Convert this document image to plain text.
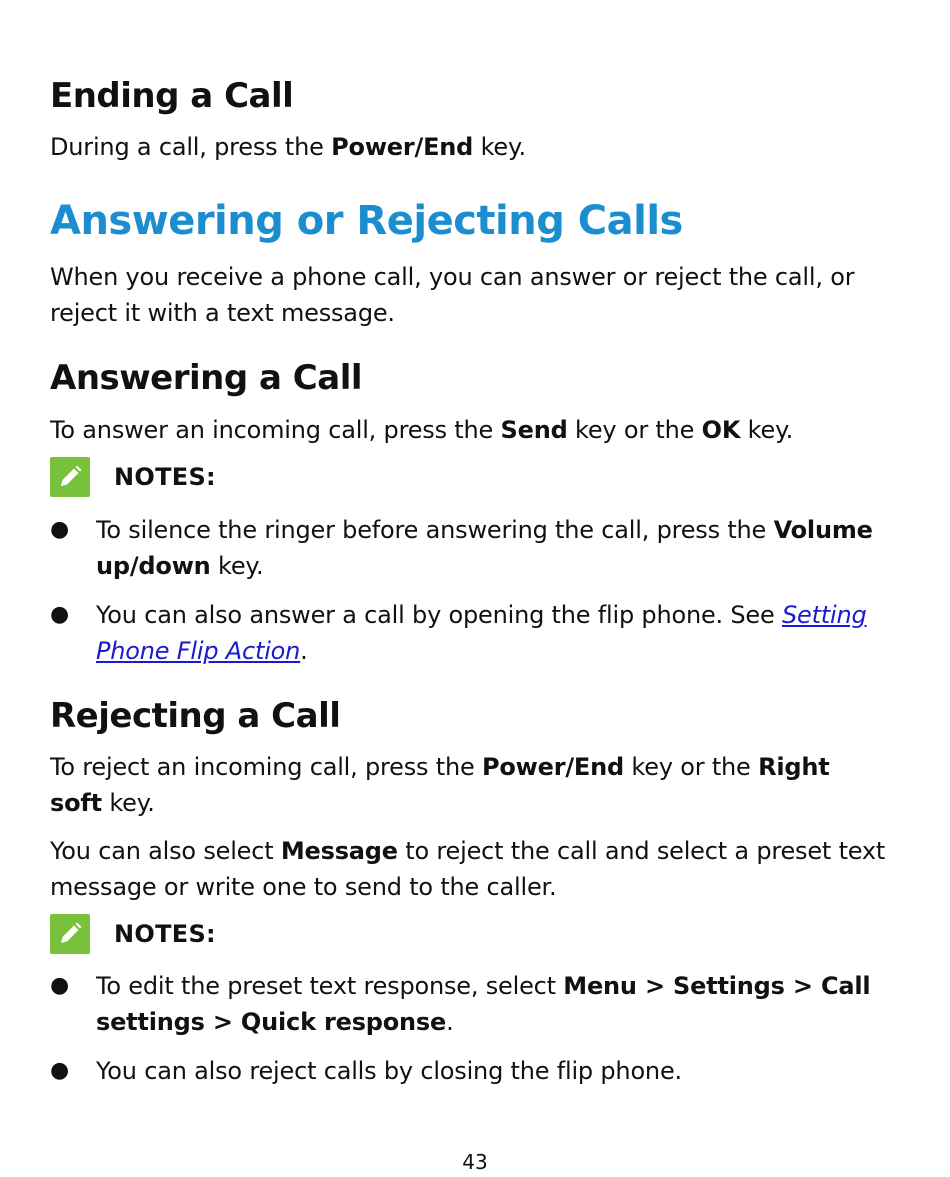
Ending a Call
During a call, press the Power/End key.
Answering or Rejecting Calls
When you receive a phone call, you can answer or reject the call, or
reject it with a text message.
Answering a Call
To answer an incoming call, press the Send key or the OK key.
NOTES:
● To silence the ringer before answering the call, press the Volume
up/down key.
● You can also answer a call by opening the flip phone. See Setting
Phone Flip Action.
Rejecting a Call
To reject an incoming call, press the Power/End key or the Right
soft key.
You can also select Message to reject the call and select a preset text
message or write one to send to the caller.
NOTES:
● To edit the preset text response, select Menu > Settings > Call
settings > Quick response.
● You can also reject calls by closing the flip phone.
43
